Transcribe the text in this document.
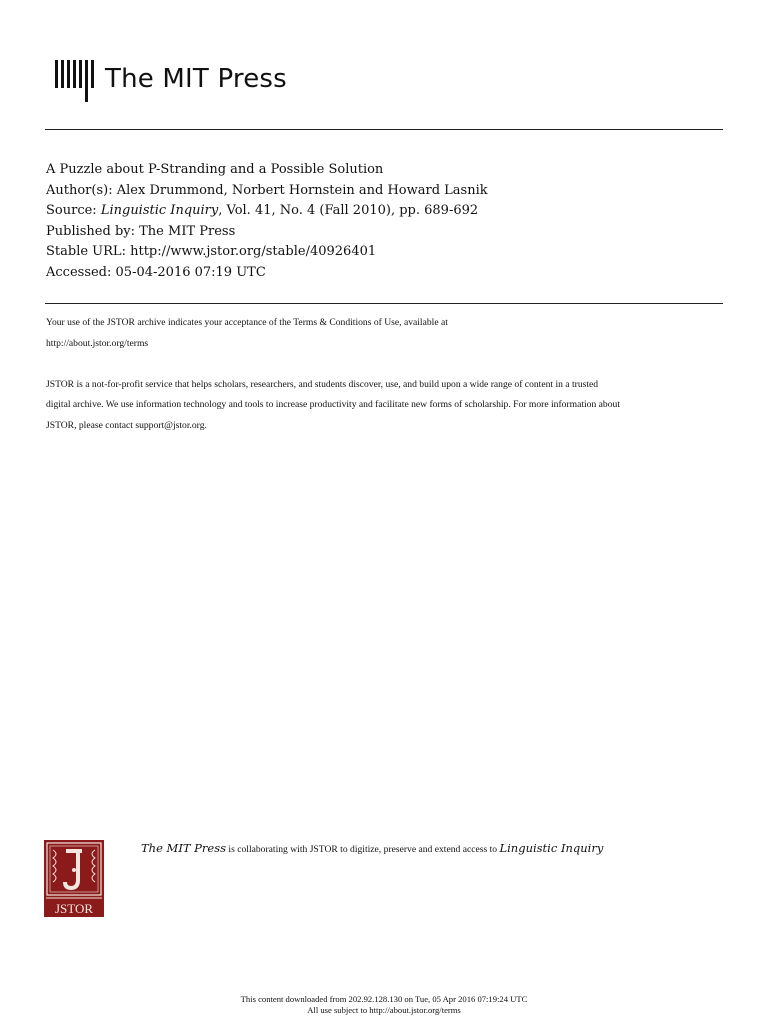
The MIT Press
A Puzzle about P-Stranding and a Possible Solution
Author(s): Alex Drummond, Norbert Hornstein and Howard Lasnik
Source: Linguistic Inquiry, Vol. 41, No. 4 (Fall 2010), pp. 689-692
Published by: The MIT Press
Stable URL: http://www.jstor.org/stable/40926401
Accessed: 05-04-2016 07:19 UTC

Your use of the JSTOR archive indicates your acceptance of the Terms & Conditions of Use, available at

http://about.jstor.org/terms

JSTOR is a not-for-profit service that helps scholars, researchers, and students discover, use, and build upon a wide range of content in a trusted

digital archive. We use information technology and tools to increase productivity and facilitate new forms of scholarship. For more information about

JSTOR, please contact support@jstor.org.

JSTOR
The MIT Press is collaborating with JSTOR to digitize, preserve and extend access to Linguistic Inquiry
This content downloaded from 202.92.128.130 on Tue, 05 Apr 2016 07:19:24 UTC
All use subject to http://about.jstor.org/terms
